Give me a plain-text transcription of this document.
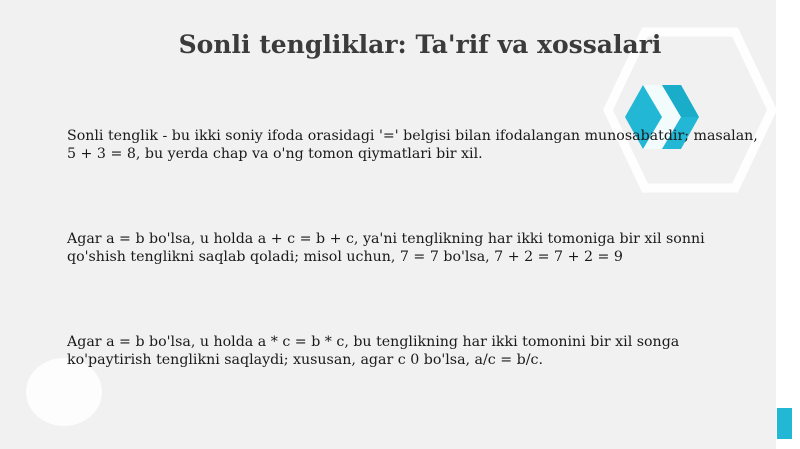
Sonli tengliklar: Ta'rif va xossalari

Sonli tenglik - bu ikki soniy ifoda orasidagi '=' belgisi bilan ifodalangan munosabatdir; masalan, 5 + 3 = 8, bu yerda chap va o'ng tomon qiymatlari bir xil.

Agar a = b bo'lsa, u holda a + c = b + c, ya'ni tenglikning har ikki tomoniga bir xil sonni qo'shish tenglikni saqlab qoladi; misol uchun, 7 = 7 bo'lsa, 7 + 2 = 7 + 2 = 9

Agar a = b bo'lsa, u holda a * c = b * c, bu tenglikning har ikki tomonini bir xil songa ko'paytirish tenglikni saqlaydi; xususan, agar c 0 bo'lsa, a/c = b/c.
